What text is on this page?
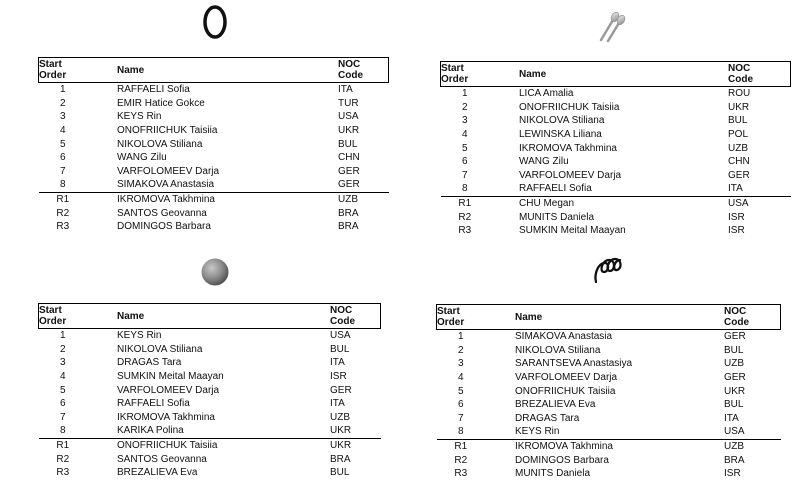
Start
Order	Name	NOC
Code
1	RAFFAELI Sofia	ITA
2	EMIR Hatice Gokce	TUR
3	KEYS Rin	USA
4	ONOFRIICHUK Taisiia	UKR
5	NIKOLOVA Stiliana	BUL
6	WANG Zilu	CHN
7	VARFOLOMEEV Darja	GER
8	SIMAKOVA Anastasia	GER
R1	IKROMOVA Takhmina	UZB
R2	SANTOS Geovanna	BRA
R3	DOMINGOS Barbara	BRA
Start
Order	Name	NOC
Code
1	LICA Amalia	ROU
2	ONOFRIICHUK Taisiia	UKR
3	NIKOLOVA Stiliana	BUL
4	LEWINSKA Liliana	POL
5	IKROMOVA Takhmina	UZB
6	WANG Zilu	CHN
7	VARFOLOMEEV Darja	GER
8	RAFFAELI Sofia	ITA
R1	CHU Megan	USA
R2	MUNITS Daniela	ISR
R3	SUMKIN Meital Maayan	ISR
Start
Order	Name	NOC
Code
1	KEYS Rin	USA
2	NIKOLOVA Stiliana	BUL
3	DRAGAS Tara	ITA
4	SUMKIN Meital Maayan	ISR
5	VARFOLOMEEV Darja	GER
6	RAFFAELI Sofia	ITA
7	IKROMOVA Takhmina	UZB
8	KARIKA Polina	UKR
R1	ONOFRIICHUK Taisiia	UKR
R2	SANTOS Geovanna	BRA
R3	BREZALIEVA Eva	BUL
Start
Order	Name	NOC
Code
1	SIMAKOVA Anastasia	GER
2	NIKOLOVA Stiliana	BUL
3	SARANTSEVA Anastasiya	UZB
4	VARFOLOMEEV Darja	GER
5	ONOFRIICHUK Taisiia	UKR
6	BREZALIEVA Eva	BUL
7	DRAGAS Tara	ITA
8	KEYS Rin	USA
R1	IKROMOVA Takhmina	UZB
R2	DOMINGOS Barbara	BRA
R3	MUNITS Daniela	ISR
